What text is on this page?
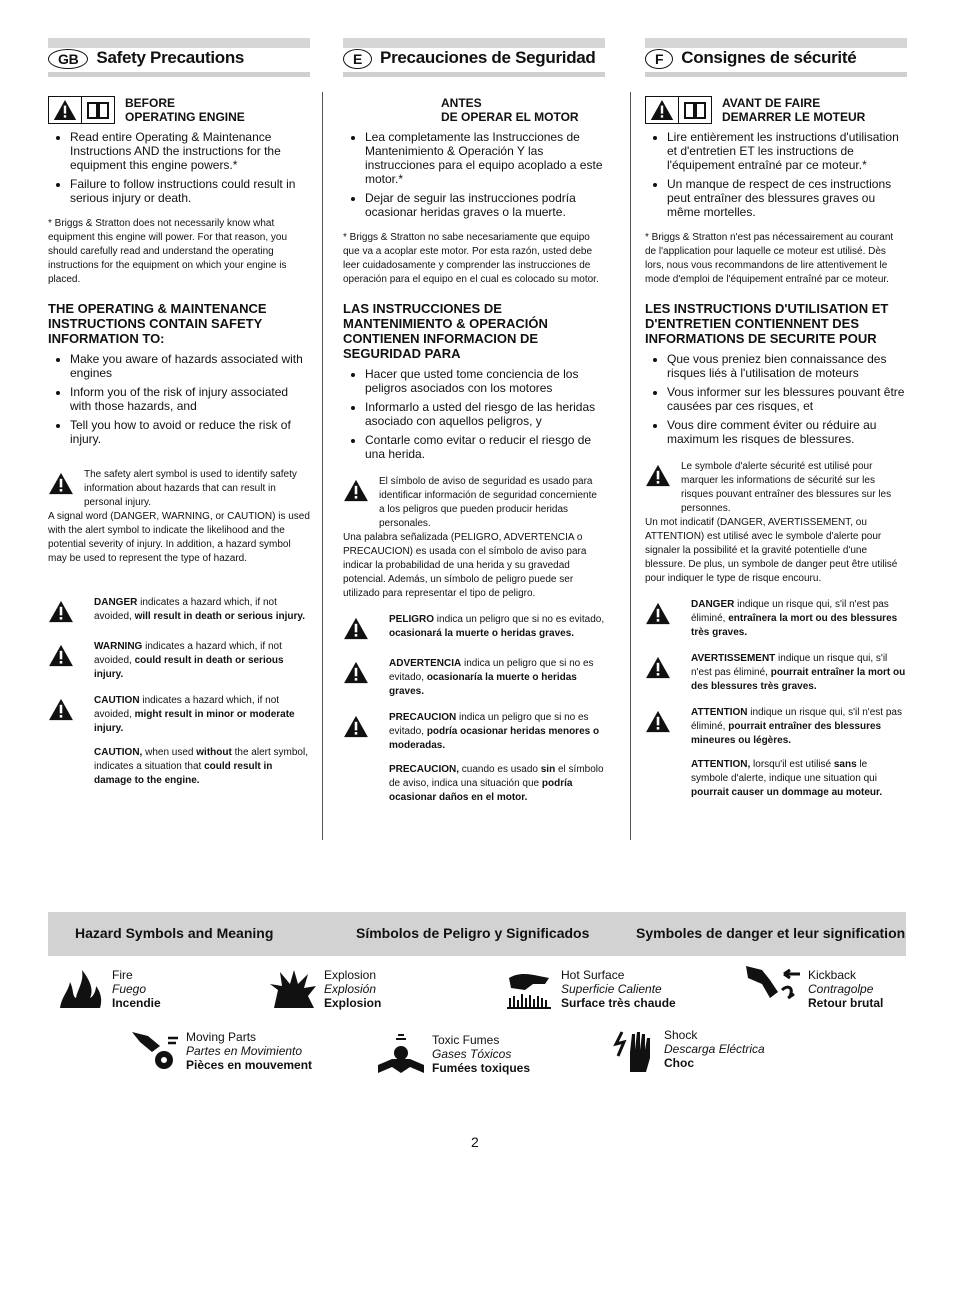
GB Safety Precautions
BEFORE
OPERATING ENGINE
• Read entire Operating & Maintenance Instructions AND the instructions for the equipment this engine powers.*
• Failure to follow instructions could result in serious injury or death.
* Briggs & Stratton does not necessarily know what equipment this engine will power. For that reason, you should carefully read and understand the operating instructions for the equipment on which your engine is placed.
THE OPERATING & MAINTENANCE INSTRUCTIONS CONTAIN SAFETY INFORMATION TO:
• Make you aware of hazards associated with engines
• Inform you of the risk of injury associated with those hazards, and
• Tell you how to avoid or reduce the risk of injury.
The safety alert symbol is used to identify safety information about hazards that can result in personal injury.
A signal word (DANGER, WARNING, or CAUTION) is used with the alert symbol to indicate the likelihood and the potential severity of injury. In addition, a hazard symbol may be used to represent the type of hazard.
DANGER indicates a hazard which, if not avoided, will result in death or serious injury.
WARNING indicates a hazard which, if not avoided, could result in death or serious injury.
CAUTION indicates a hazard which, if not avoided, might result in minor or moderate injury.
CAUTION, when used without the alert symbol, indicates a situation that could result in damage to the engine.
E Precauciones de Seguridad
ANTES
DE OPERAR EL MOTOR
• Lea completamente las Instrucciones de Mantenimiento & Operación Y las instrucciones para el equipo acoplado a este motor.*
• Dejar de seguir las instrucciones podría ocasionar heridas graves o la muerte.
* Briggs & Stratton no sabe necesariamente que equipo que va a acoplar este motor. Por esta razón, usted debe leer cuidadosamente y comprender las instrucciones de operación para el equipo en el cual es colocado su motor.
LAS INSTRUCCIONES DE MANTENIMIENTO & OPERACIÓN CONTIENEN INFORMACION DE SEGURIDAD PARA
• Hacer que usted tome conciencia de los peligros asociados con los motores
• Informarlo a usted del riesgo de las heridas asociado con aquellos peligros, y
• Contarle como evitar o reducir el riesgo de una herida.
El símbolo de aviso de seguridad es usado para identificar información de seguridad concerniente a los peligros que pueden producir heridas personales.
Una palabra señalizada (PELIGRO, ADVERTENCIA o PRECAUCION) es usada con el símbolo de aviso para indicar la probabilidad de una herida y su gravedad potencial. Además, un símbolo de peligro puede ser utilizado para representar el tipo de peligro.
PELIGRO indica un peligro que si no es evitado, ocasionará la muerte o heridas graves.
ADVERTENCIA indica un peligro que si no es evitado, ocasionaría la muerte o heridas graves.
PRECAUCION indica un peligro que si no es evitado, podría ocasionar heridas menores o moderadas.
PRECAUCION, cuando es usado sin el símbolo de aviso, indica una situación que podría ocasionar daños en el motor.
F Consignes de sécurité
AVANT DE FAIRE
DEMARRER LE MOTEUR
• Lire entièrement les instructions d'utilisation et d'entretien ET les instructions de l'équipement entraîné par ce moteur.*
• Un manque de respect de ces instructions peut entraîner des blessures graves ou même mortelles.
* Briggs & Stratton n'est pas nécessairement au courant de l'application pour laquelle ce moteur est utilisé. Dès lors, nous vous recommandons de lire attentivement le mode d'emploi de l'équipement entraîné par ce moteur.
LES INSTRUCTIONS D'UTILISATION ET D'ENTRETIEN CONTIENNENT DES INFORMATIONS DE SECURITE POUR
• Que vous preniez bien connaissance des risques liés à l'utilisation de moteurs
• Vous informer sur les blessures pouvant être causées par ces risques, et
• Vous dire comment éviter ou réduire au maximum les risques de blessures.
Le symbole d'alerte sécurité est utilisé pour marquer les informations de sécurité sur les risques pouvant entraîner des blessures sur les personnes.
Un mot indicatif (DANGER, AVERTISSEMENT, ou ATTENTION) est utilisé avec le symbole d'alerte pour signaler la possibilité et la gravité potentielle d'une blessure. De plus, un symbole de danger peut être utilisé pour indiquer le type de risque encouru.
DANGER indique un risque qui, s'il n'est pas éliminé, entraînera la mort ou des blessures très graves.
AVERTISSEMENT indique un risque qui, s'il n'est pas éliminé, pourrait entraîner la mort ou des blessures très graves.
ATTENTION indique un risque qui, s'il n'est pas éliminé, pourrait entraîner des blessures mineures ou légères.
ATTENTION, lorsqu'il est utilisé sans le symbole d'alerte, indique une situation qui pourrait causer un dommage au moteur.
Hazard Symbols and Meaning	Símbolos de Peligro y Significados	Symboles de danger et leur signification
Fire
Fuego
Incendie
Explosion
Explosión
Explosion
Hot Surface
Superficie Caliente
Surface très chaude
Kickback
Contragolpe
Retour brutal
Moving Parts
Partes en Movimiento
Pièces en mouvement
Toxic Fumes
Gases Tóxicos
Fumées toxiques
Shock
Descarga Eléctrica
Choc
2
